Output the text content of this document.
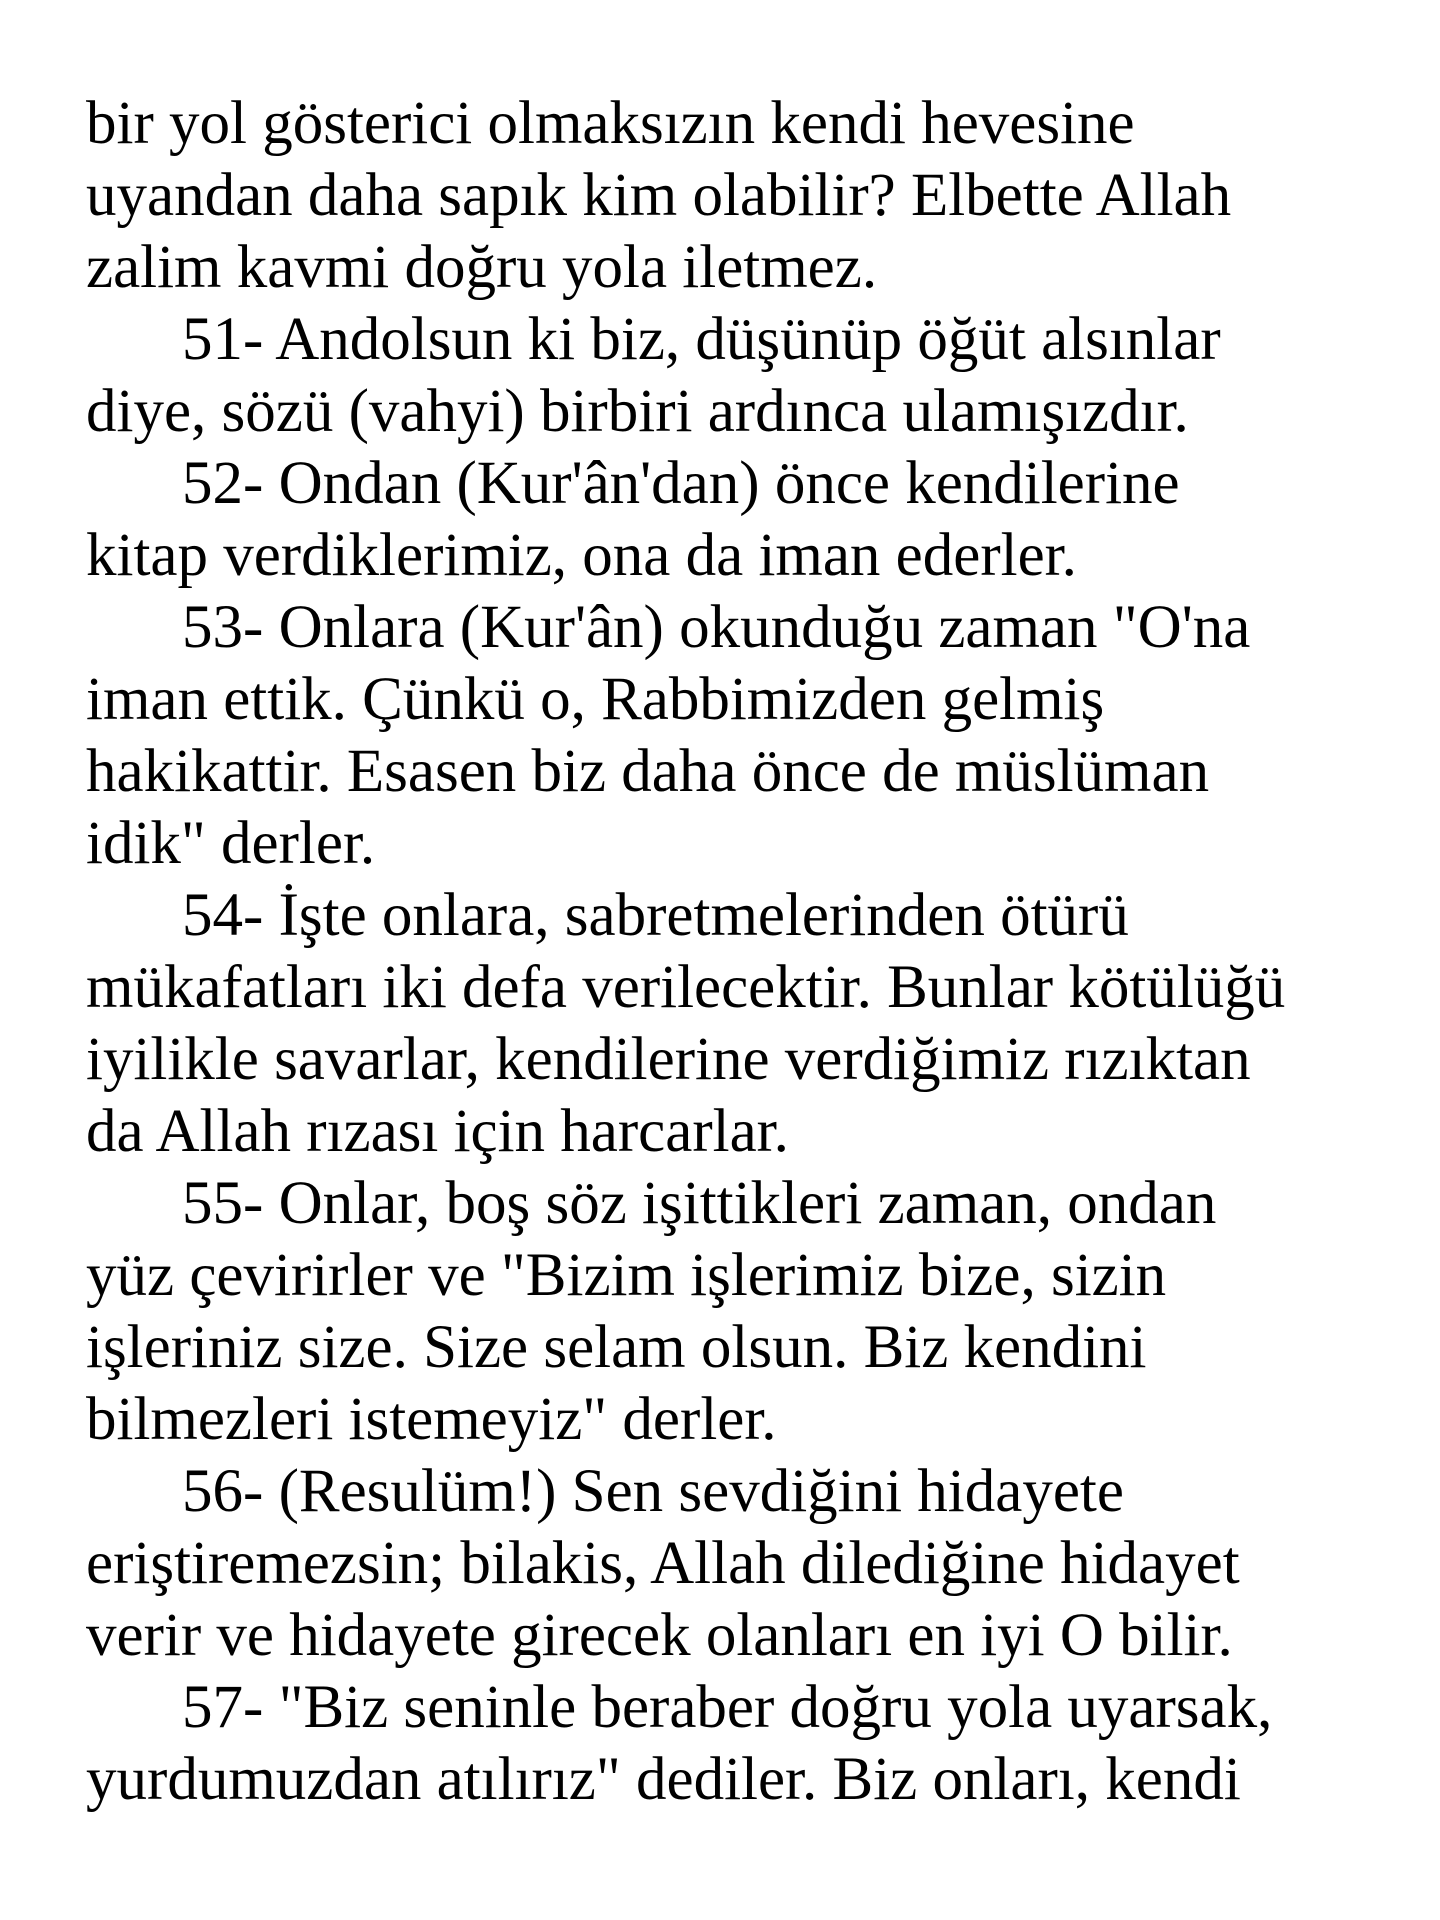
bir yol gösterici olmaksızın kendi hevesine
uyandan daha sapık kim olabilir? Elbette Allah
zalim kavmi doğru yola iletmez.
51- Andolsun ki biz, düşünüp öğüt alsınlar
diye, sözü (vahyi) birbiri ardınca ulamışızdır.
52- Ondan (Kur'ân'dan) önce kendilerine
kitap verdiklerimiz, ona da iman ederler.
53- Onlara (Kur'ân) okunduğu zaman "O'na
iman ettik. Çünkü o, Rabbimizden gelmiş
hakikattir. Esasen biz daha önce de müslüman
idik" derler.
54- İşte onlara, sabretmelerinden ötürü
mükafatları iki defa verilecektir. Bunlar kötülüğü
iyilikle savarlar, kendilerine verdiğimiz rızıktan
da Allah rızası için harcarlar.
55- Onlar, boş söz işittikleri zaman, ondan
yüz çevirirler ve "Bizim işlerimiz bize, sizin
işleriniz size. Size selam olsun. Biz kendini
bilmezleri istemeyiz" derler.
56- (Resulüm!) Sen sevdiğini hidayete
eriştiremezsin; bilakis, Allah dilediğine hidayet
verir ve hidayete girecek olanları en iyi O bilir.
57- "Biz seninle beraber doğru yola uyarsak,
yurdumuzdan atılırız" dediler. Biz onları, kendi
